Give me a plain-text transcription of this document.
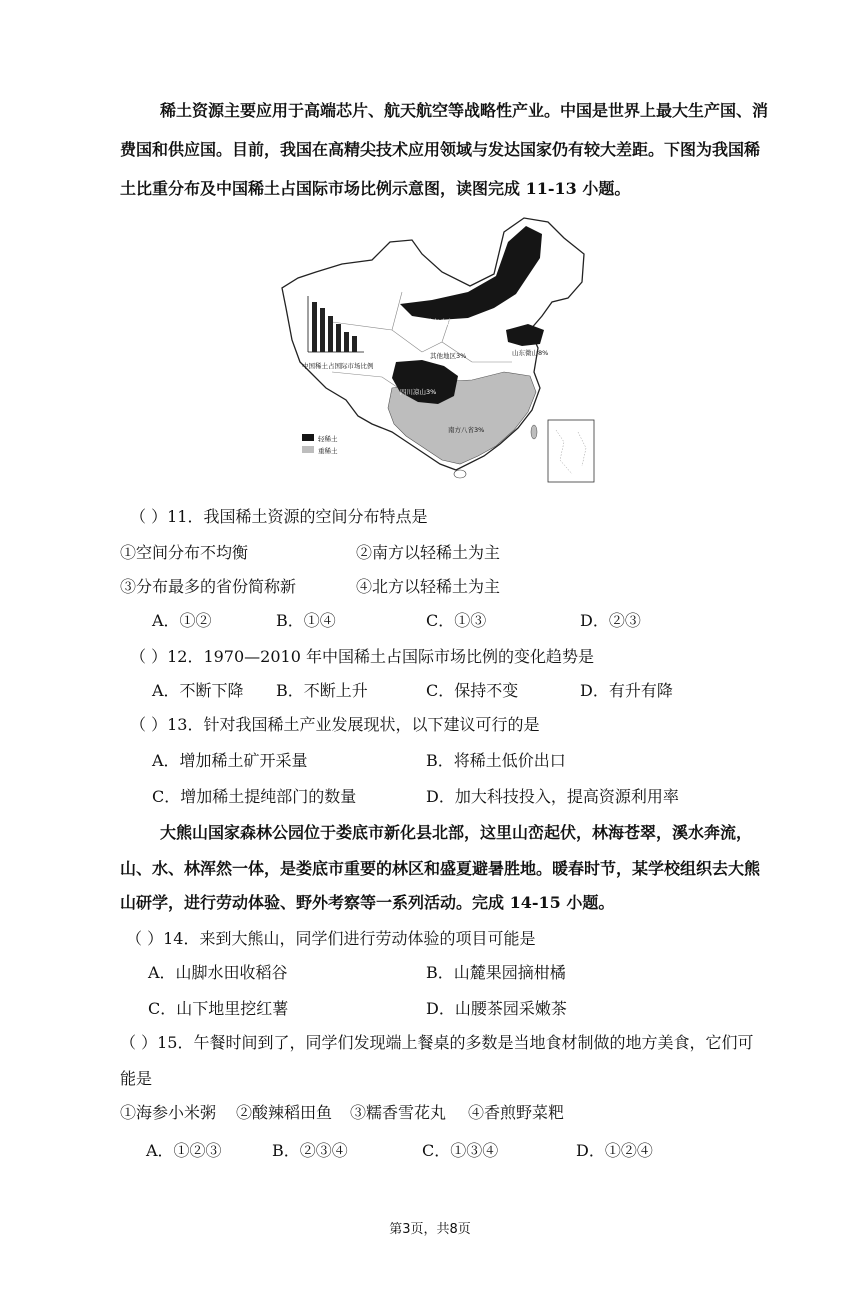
稀土资源主要应用于高端芯片、航天航空等战略性产业。中国是世界上最大生产国、消
费国和供应国。目前，我国在高精尖技术应用领域与发达国家仍有较大差距。下图为我国稀
土比重分布及中国稀土占国际市场比例示意图，读图完成 11-13 小题。
中国稀土占国际市场比例
内蒙古包头白云鄂博83%
其他地区3%	山东微山8%
四川凉山3%
南方八省3%
轻稀土
重稀土
（ ）11．我国稀土资源的空间分布特点是
①空间分布不均衡	②南方以轻稀土为主
③分布最多的省份简称新	④北方以轻稀土为主
A．①②	B．①④	C．①③	D．②③
（ ）12．1970—2010 年中国稀土占国际市场比例的变化趋势是
A．不断下降 B．不断上升	C．保持不变	D．有升有降
（ ）13．针对我国稀土产业发展现状，以下建议可行的是
A．增加稀土矿开采量	B．将稀土低价出口
C．增加稀土提纯部门的数量	D．加大科技投入，提高资源利用率
大熊山国家森林公园位于娄底市新化县北部，这里山峦起伏，林海苍翠，溪水奔流，
山、水、林浑然一体，是娄底市重要的林区和盛夏避暑胜地。暖春时节，某学校组织去大熊
山研学，进行劳动体验、野外考察等一系列活动。完成 14-15 小题。
（ ）14．来到大熊山，同学们进行劳动体验的项目可能是
A．山脚水田收稻谷	B．山麓果园摘柑橘
C．山下地里挖红薯	D．山腰茶园采嫩茶
（ ）15．午餐时间到了，同学们发现端上餐桌的多数是当地食材制做的地方美食，它们可
能是
①海参小米粥 ②酸辣稻田鱼 ③糯香雪花丸 ④香煎野菜粑
A．①②③	B．②③④	C．①③④	D．①②④
第3页，共8页
